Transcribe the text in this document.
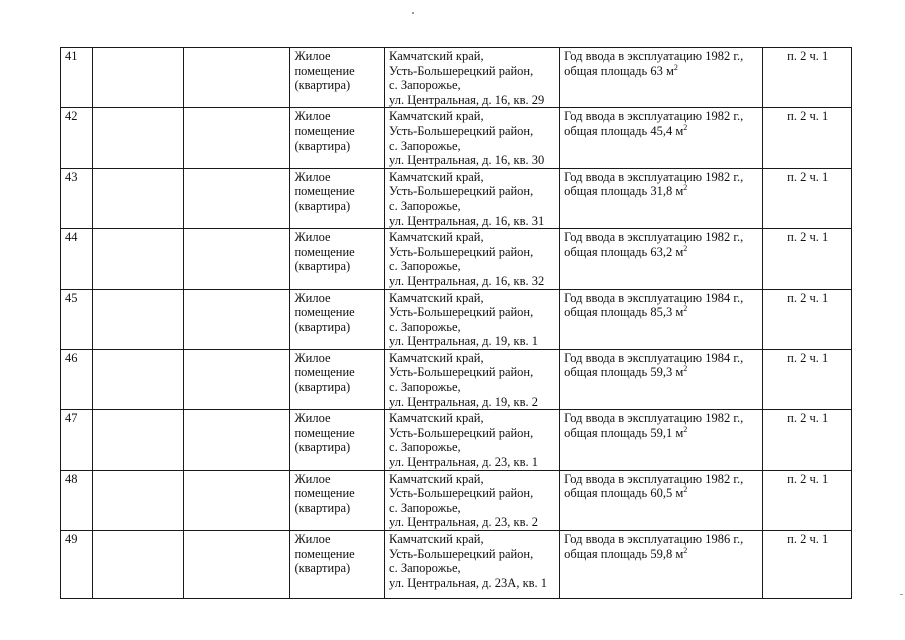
41			Жилое
помещение
(квартира)	Камчатский край,
Усть-Большерецкий район,
с. Запорожье,
ул. Центральная, д. 16, кв. 29	Год ввода в эксплуатацию 1982 г.,
общая площадь 63 $м^2$	п. 2 ч. 1
42			Жилое
помещение
(квартира)	Камчатский край,
Усть-Большерецкий район,
с. Запорожье,
ул. Центральная, д. 16, кв. 30	Год ввода в эксплуатацию 1982 г.,
общая площадь 45,4 $м^2$	п. 2 ч. 1
43			Жилое
помещение
(квартира)	Камчатский край,
Усть-Большерецкий район,
с. Запорожье,
ул. Центральная, д. 16, кв. 31	Год ввода в эксплуатацию 1982 г.,
общая площадь 31,8 $м^2$	п. 2 ч. 1
44			Жилое
помещение
(квартира)	Камчатский край,
Усть-Большерецкий район,
с. Запорожье,
ул. Центральная, д. 16, кв. 32	Год ввода в эксплуатацию 1982 г.,
общая площадь 63,2 $м^2$	п. 2 ч. 1
45			Жилое
помещение
(квартира)	Камчатский край,
Усть-Большерецкий район,
с. Запорожье,
ул. Центральная, д. 19, кв. 1	Год ввода в эксплуатацию 1984 г.,
общая площадь 85,3 $м^2$	п. 2 ч. 1
46			Жилое
помещение
(квартира)	Камчатский край,
Усть-Большерецкий район,
с. Запорожье,
ул. Центральная, д. 19, кв. 2	Год ввода в эксплуатацию 1984 г.,
общая площадь 59,3 $м^2$	п. 2 ч. 1
47			Жилое
помещение
(квартира)	Камчатский край,
Усть-Большерецкий район,
с. Запорожье,
ул. Центральная, д. 23, кв. 1	Год ввода в эксплуатацию 1982 г.,
общая площадь 59,1 $м^2$	п. 2 ч. 1
48			Жилое
помещение
(квартира)	Камчатский край,
Усть-Большерецкий район,
с. Запорожье,
ул. Центральная, д. 23, кв. 2	Год ввода в эксплуатацию 1982 г.,
общая площадь 60,5 $м^2$	п. 2 ч. 1
49			Жилое
помещение
(квартира)	Камчатский край,
Усть-Большерецкий район,
с. Запорожье,
ул. Центральная, д. 23А, кв. 1	Год ввода в эксплуатацию 1986 г.,
общая площадь 59,8 $м^2$	п. 2 ч. 1
